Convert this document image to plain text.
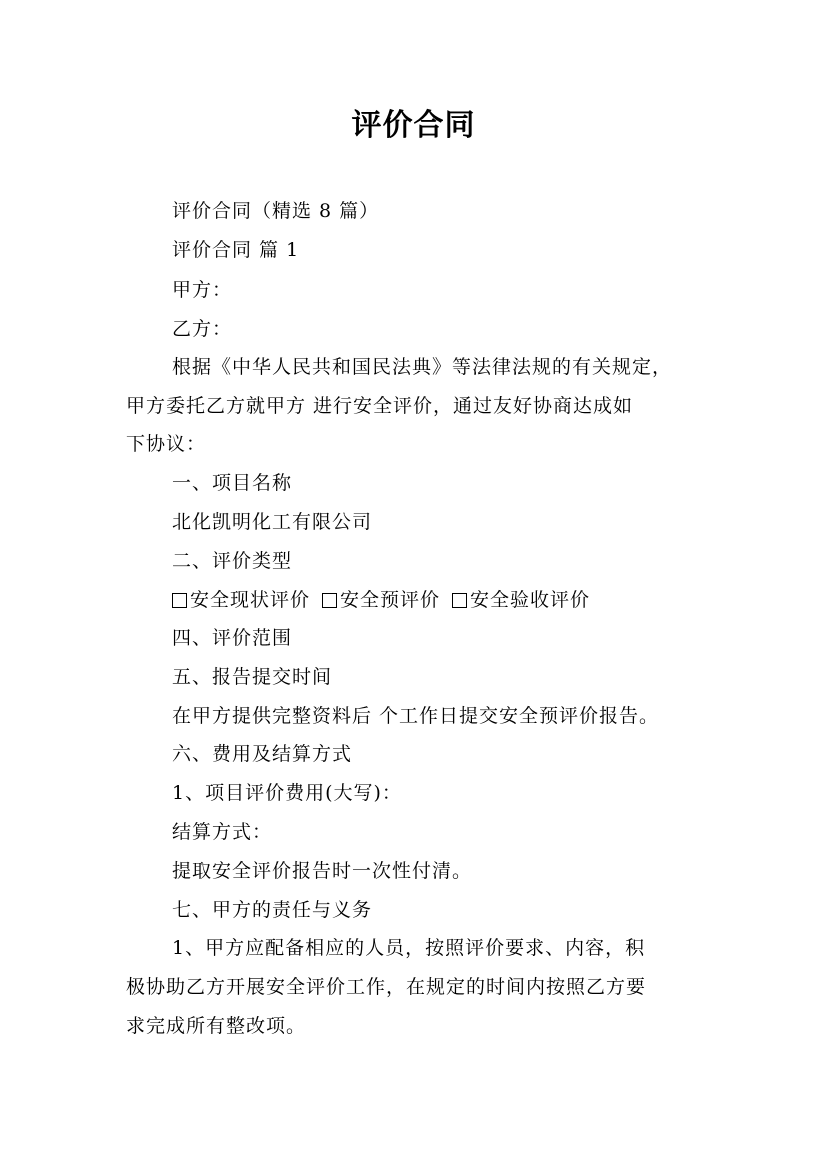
评价合同
评价合同（精选 8 篇）
评价合同 篇 1
甲方：
乙方：
根据《中华人民共和国民法典》等法律法规的有关规定，
甲方委托乙方就甲方 进行安全评价，通过友好协商达成如
下协议：
一、项目名称
北化凯明化工有限公司
二、评价类型
安全现状评价 安全预评价 安全验收评价
四、评价范围
五、报告提交时间
在甲方提供完整资料后 个工作日提交安全预评价报告。
六、费用及结算方式
1、项目评价费用(大写)：
结算方式：
提取安全评价报告时一次性付清。
七、甲方的责任与义务
1、甲方应配备相应的人员，按照评价要求、内容，积
极协助乙方开展安全评价工作，在规定的时间内按照乙方要
求完成所有整改项。
